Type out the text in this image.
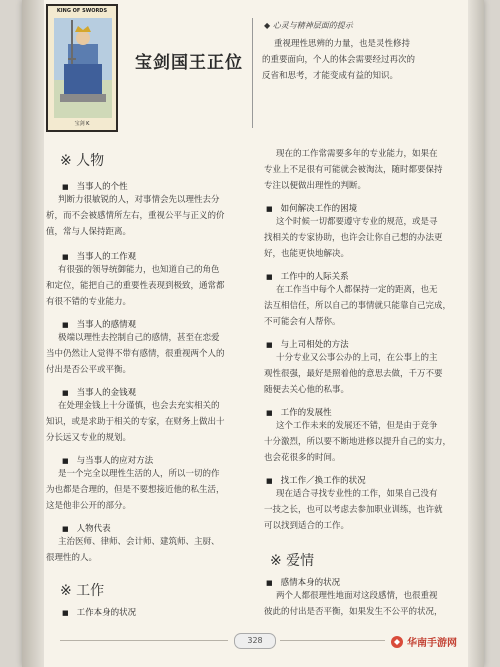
KING OF SWORDS
宝剑 K
宝剑国王正位
◆ 心灵与精神层面的提示
重视理性思辨的力量，也是灵性修持
的重要面向，个人的体会需要经过再次的
反省和思考，才能变成有益的知识。
※ 人物
■ 当事人的个性
判断力很敏锐的人，对事情会先以理性去分
析，而不会被感情所左右，重视公平与正义的价
值，常与人保持距离。
■ 当事人的工作观
有很强的领导统御能力，也知道自己的角色
和定位，能把自己的重要性表现到极致，通常都
有很不错的专业能力。
■ 当事人的感情观
极端以理性去控制自己的感情，甚至在恋爱
当中仍然让人觉得不带有感情，很重视两个人的
付出是否公平或平衡。
■ 当事人的金钱观
在处理金钱上十分谨慎，也会去充实相关的
知识，或是求助于相关的专家，在财务上做出十
分长远又专业的规划。
■ 与当事人的应对方法
是一个完全以理性生活的人，所以一切的作
为也都是合理的，但是不要想接近他的私生活，
这是他非公开的部分。
■ 人物代表
主治医师、律师、会计师、建筑师、主厨、
很理性的人。
※ 工作
■ 工作本身的状况
现在的工作常需要多年的专业能力，如果在
专业上不足很有可能就会被淘汰，随时都要保持
专注以便做出理性的判断。
■ 如何解决工作的困境
这个时候一切都要遵守专业的规范，或是寻
找相关的专家协助，也许会让你自己想的办法更
好，也能更快地解决。
■ 工作中的人际关系
在工作当中每个人都保持一定的距离，也无
法互相信任，所以自己的事情就只能靠自己完成，
不可能会有人帮你。
■ 与上司相处的方法
十分专业又公事公办的上司，在公事上的主
观性很强，最好是照着他的意思去做，千万不要
随便去关心他的私事。
■ 工作的发展性
这个工作未来的发展还不错，但是由于竞争
十分激烈，所以要不断地进修以提升自己的实力，
也会花很多的时间。
■ 找工作／换工作的状况
现在适合寻找专业性的工作，如果自己没有
一技之长，也可以考虑去参加职业训练，也许就
可以找到适合的工作。
※ 爱情
■ 感情本身的状况
两个人都很理性地面对这段感情，也很重视
彼此的付出是否平衡，如果发生不公平的状况，
328	华南手游网
